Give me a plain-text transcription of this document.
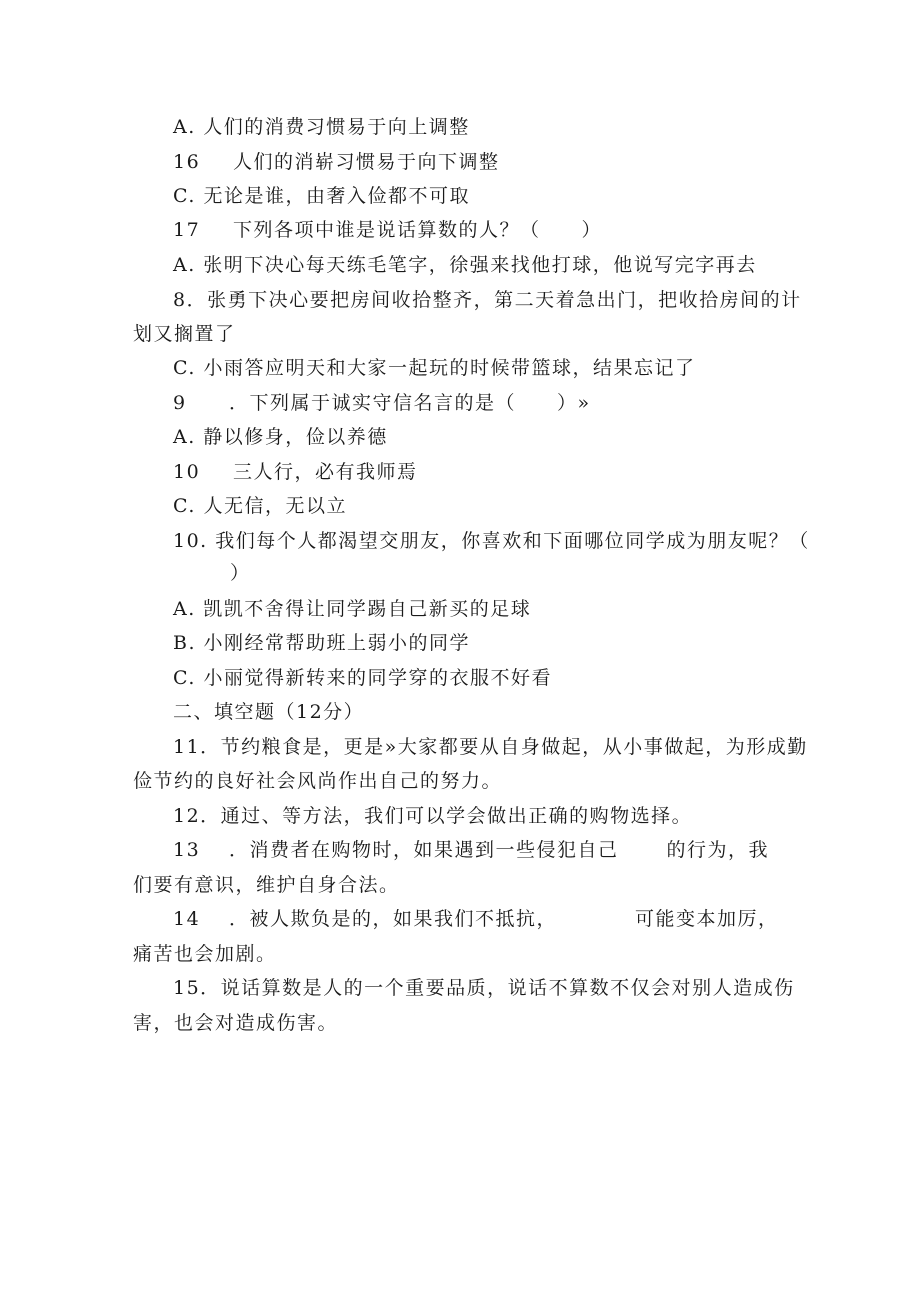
A. 人们的消费习惯易于向上调整
16 人们的消崭习惯易于向下调整
C. 无论是谁，由奢入俭都不可取
17 下列各项中谁是说话算数的人？（　　）
A. 张明下决心每天练毛笔字，徐强来找他打球，他说写完字再去
8．张勇下决心要把房间收拾整齐，第二天着急出门，把收拾房间的计
划又搁置了
C. 小雨答应明天和大家一起玩的时候带篮球，结果忘记了
9 ．下列属于诚实守信名言的是（　　）»
A. 静以修身，俭以养德
10 三人行，必有我师焉
C. 人无信，无以立
10. 我们每个人都渴望交朋友，你喜欢和下面哪位同学成为朋友呢？（
）
A. 凯凯不舍得让同学踢自己新买的足球
B. 小刚经常帮助班上弱小的同学
C. 小丽觉得新转来的同学穿的衣服不好看
二、填空题（12分）
11．节约粮食是，更是»大家都要从自身做起，从小事做起，为形成勤
俭节约的良好社会风尚作出自己的努力。
12．通过、等方法，我们可以学会做出正确的购物选择。
13 ．消费者在购物时，如果遇到一些侵犯自己	的行为，我
们要有意识，维护自身合法。
14 ．被人欺负是的，如果我们不抵抗，	可能变本加厉，
痛苦也会加剧。
15．说话算数是人的一个重要品质，说话不算数不仅会对别人造成伤
害，也会对造成伤害。
